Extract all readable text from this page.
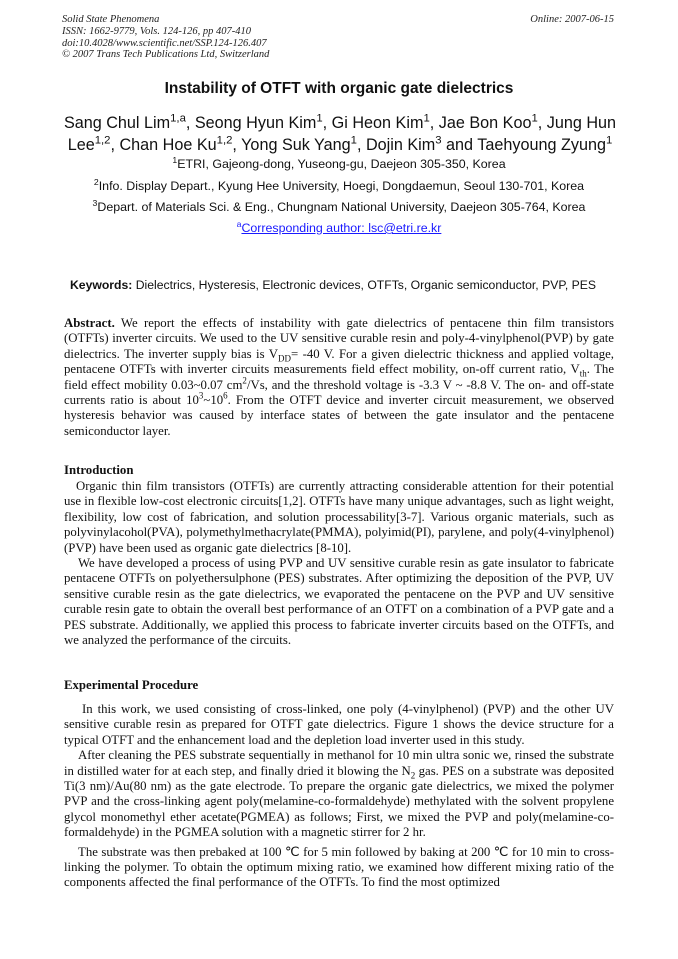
Solid State Phenomena
ISSN: 1662-9779, Vols. 124-126, pp 407-410
doi:10.4028/www.scientific.net/SSP.124-126.407
© 2007 Trans Tech Publications Ltd, Switzerland
Online: 2007-06-15
Instability of OTFT with organic gate dielectrics
Sang Chul Lim$^{1,a}$, Seong Hyun Kim$^1$, Gi Heon Kim$^1$, Jae Bon Koo$^1$, Jung Hun Lee$^{1,2}$, Chan Hoe Ku$^{1,2}$, Yong Suk Yang$^1$, Dojin Kim$^3$ and Taehyoung Zyung$^1$
$^1$ETRI, Gajeong-dong, Yuseong-gu, Daejeon 305-350, Korea
$^2$Info. Display Depart., Kyung Hee University, Hoegi, Dongdaemun, Seoul 130-701, Korea
$^3$Depart. of Materials Sci. & Eng., Chungnam National University, Daejeon 305-764, Korea
$^a$Corresponding author: lsc@etri.re.kr
Keywords: Dielectrics, Hysteresis, Electronic devices, OTFTs, Organic semiconductor, PVP, PES

Abstract. We report the effects of instability with gate dielectrics of pentacene thin film transistors (OTFTs) inverter circuits. We used to the UV sensitive curable resin and poly-4-vinylphenol(PVP) by gate dielectrics. The inverter supply bias is $V_{DD}= -40$ V. For a given dielectric thickness and applied voltage, pentacene OTFTs with inverter circuits measurements field effect mobility, on-off current ratio, $V_{th}$. The field effect mobility 0.03~0.07 $cm^2/Vs$, and the threshold voltage is -3.3 V ~ -8.8 V. The on- and off-state currents ratio is about $10^3\sim 10^6$. From the OTFT device and inverter circuit measurement, we observed hysteresis behavior was caused by interface states of between the gate insulator and the pentacene semiconductor layer.

Introduction

Organic thin film transistors (OTFTs) are currently attracting considerable attention for their potential use in flexible low-cost electronic circuits[1,2]. OTFTs have many unique advantages, such as light weight, flexibility, low cost of fabrication, and solution processability[3-7]. Various organic materials, such as polyvinylacohol(PVA), polymethylmethacrylate(PMMA), polyimid(PI), parylene, and poly(4-vinylphenol)(PVP) have been used as organic gate dielectrics [8-10].

We have developed a process of using PVP and UV sensitive curable resin as gate insulator to fabricate pentacene OTFTs on polyethersulphone (PES) substrates. After optimizing the deposition of the PVP, UV sensitive curable resin as the gate dielectrics, we evaporated the pentacene on the PVP and UV sensitive curable resin gate to obtain the overall best performance of an OTFT on a combination of a PVP gate and a PES substrate. Additionally, we applied this process to fabricate inverter circuits based on the OTFTs, and we analyzed the performance of the circuits.

Experimental Procedure

In this work, we used consisting of cross-linked, one poly (4-vinylphenol) (PVP) and the other UV sensitive curable resin as prepared for OTFT gate dielectrics. Figure 1 shows the device structure for a typical OTFT and the enhancement load and the depletion load inverter used in this study.

After cleaning the PES substrate sequentially in methanol for 10 min ultra sonic we, rinsed the substrate in distilled water for at each step, and finally dried it blowing the $N_2$ gas. PES on a substrate was deposited Ti(3 nm)/Au(80 nm) as the gate electrode. To prepare the organic gate dielectrics, we mixed the polymer PVP and the cross-linking agent poly(melamine-co-formaldehyde) methylated with the solvent propylene glycol monomethyl ether acetate(PGMEA) as follows; First, we mixed the PVP and poly(melamine-co-formaldehyde) in the PGMEA solution with a magnetic stirrer for 2 hr.

The substrate was then prebaked at 100 ℃ for 5 min followed by baking at 200 ℃ for 10 min to cross-linking the polymer. To obtain the optimum mixing ratio, we examined how different mixing ratio of the components affected the final performance of the OTFTs. To find the most optimized
